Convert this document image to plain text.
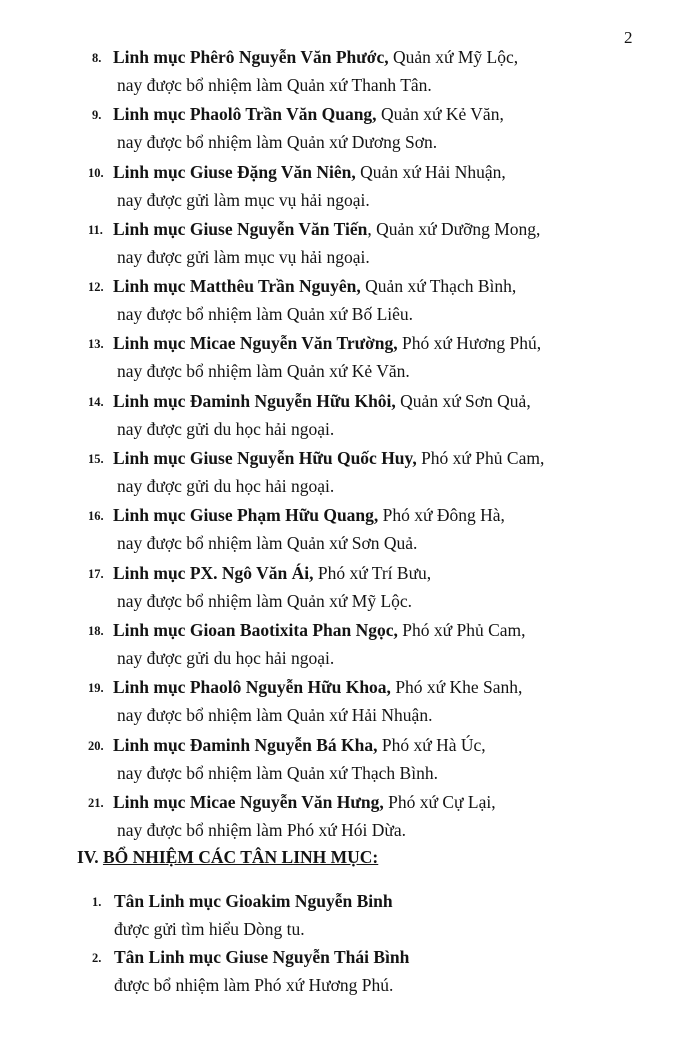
2
8. Linh mục Phêrô Nguyễn Văn Phước, Quản xứ Mỹ Lộc,
nay được bổ nhiệm làm Quản xứ Thanh Tân.
9. Linh mục Phaolô Trần Văn Quang, Quản xứ Kẻ Văn,
nay được bổ nhiệm làm Quản xứ Dương Sơn.
10. Linh mục Giuse Đặng Văn Niên, Quản xứ Hải Nhuận,
nay được gửi làm mục vụ hải ngoại.
11. Linh mục Giuse Nguyễn Văn Tiến, Quản xứ Dưỡng Mong,
nay được gửi làm mục vụ hải ngoại.
12. Linh mục Matthêu Trần Nguyên, Quản xứ Thạch Bình,
nay được bổ nhiệm làm Quản xứ Bố Liêu.
13. Linh mục Micae Nguyễn Văn Trường, Phó xứ Hương Phú,
nay được bổ nhiệm làm Quản xứ Kẻ Văn.
14. Linh mục Đaminh Nguyễn Hữu Khôi, Quản xứ Sơn Quả,
nay được gửi du học hải ngoại.
15. Linh mục Giuse Nguyễn Hữu Quốc Huy, Phó xứ Phủ Cam,
nay được gửi du học hải ngoại.
16. Linh mục Giuse Phạm Hữu Quang, Phó xứ Đông Hà,
nay được bổ nhiệm làm Quản xứ Sơn Quả.
17. Linh mục PX. Ngô Văn Ái, Phó xứ Trí Bưu,
nay được bổ nhiệm làm Quản xứ Mỹ Lộc.
18. Linh mục Gioan Baotixita Phan Ngọc, Phó xứ Phủ Cam,
nay được gửi du học hải ngoại.
19. Linh mục Phaolô Nguyễn Hữu Khoa, Phó xứ Khe Sanh,
nay được bổ nhiệm làm Quản xứ Hải Nhuận.
20. Linh mục Đaminh Nguyễn Bá Kha, Phó xứ Hà Úc,
nay được bổ nhiệm làm Quản xứ Thạch Bình.
21. Linh mục Micae Nguyễn Văn Hưng, Phó xứ Cự Lại,
nay được bổ nhiệm làm Phó xứ Hói Dừa.
IV. BỔ NHIỆM CÁC TÂN LINH MỤC:
1. Tân Linh mục Gioakim Nguyễn Binh
được gửi tìm hiểu Dòng tu.
2. Tân Linh mục Giuse Nguyễn Thái Bình
được bổ nhiệm làm Phó xứ Hương Phú.
